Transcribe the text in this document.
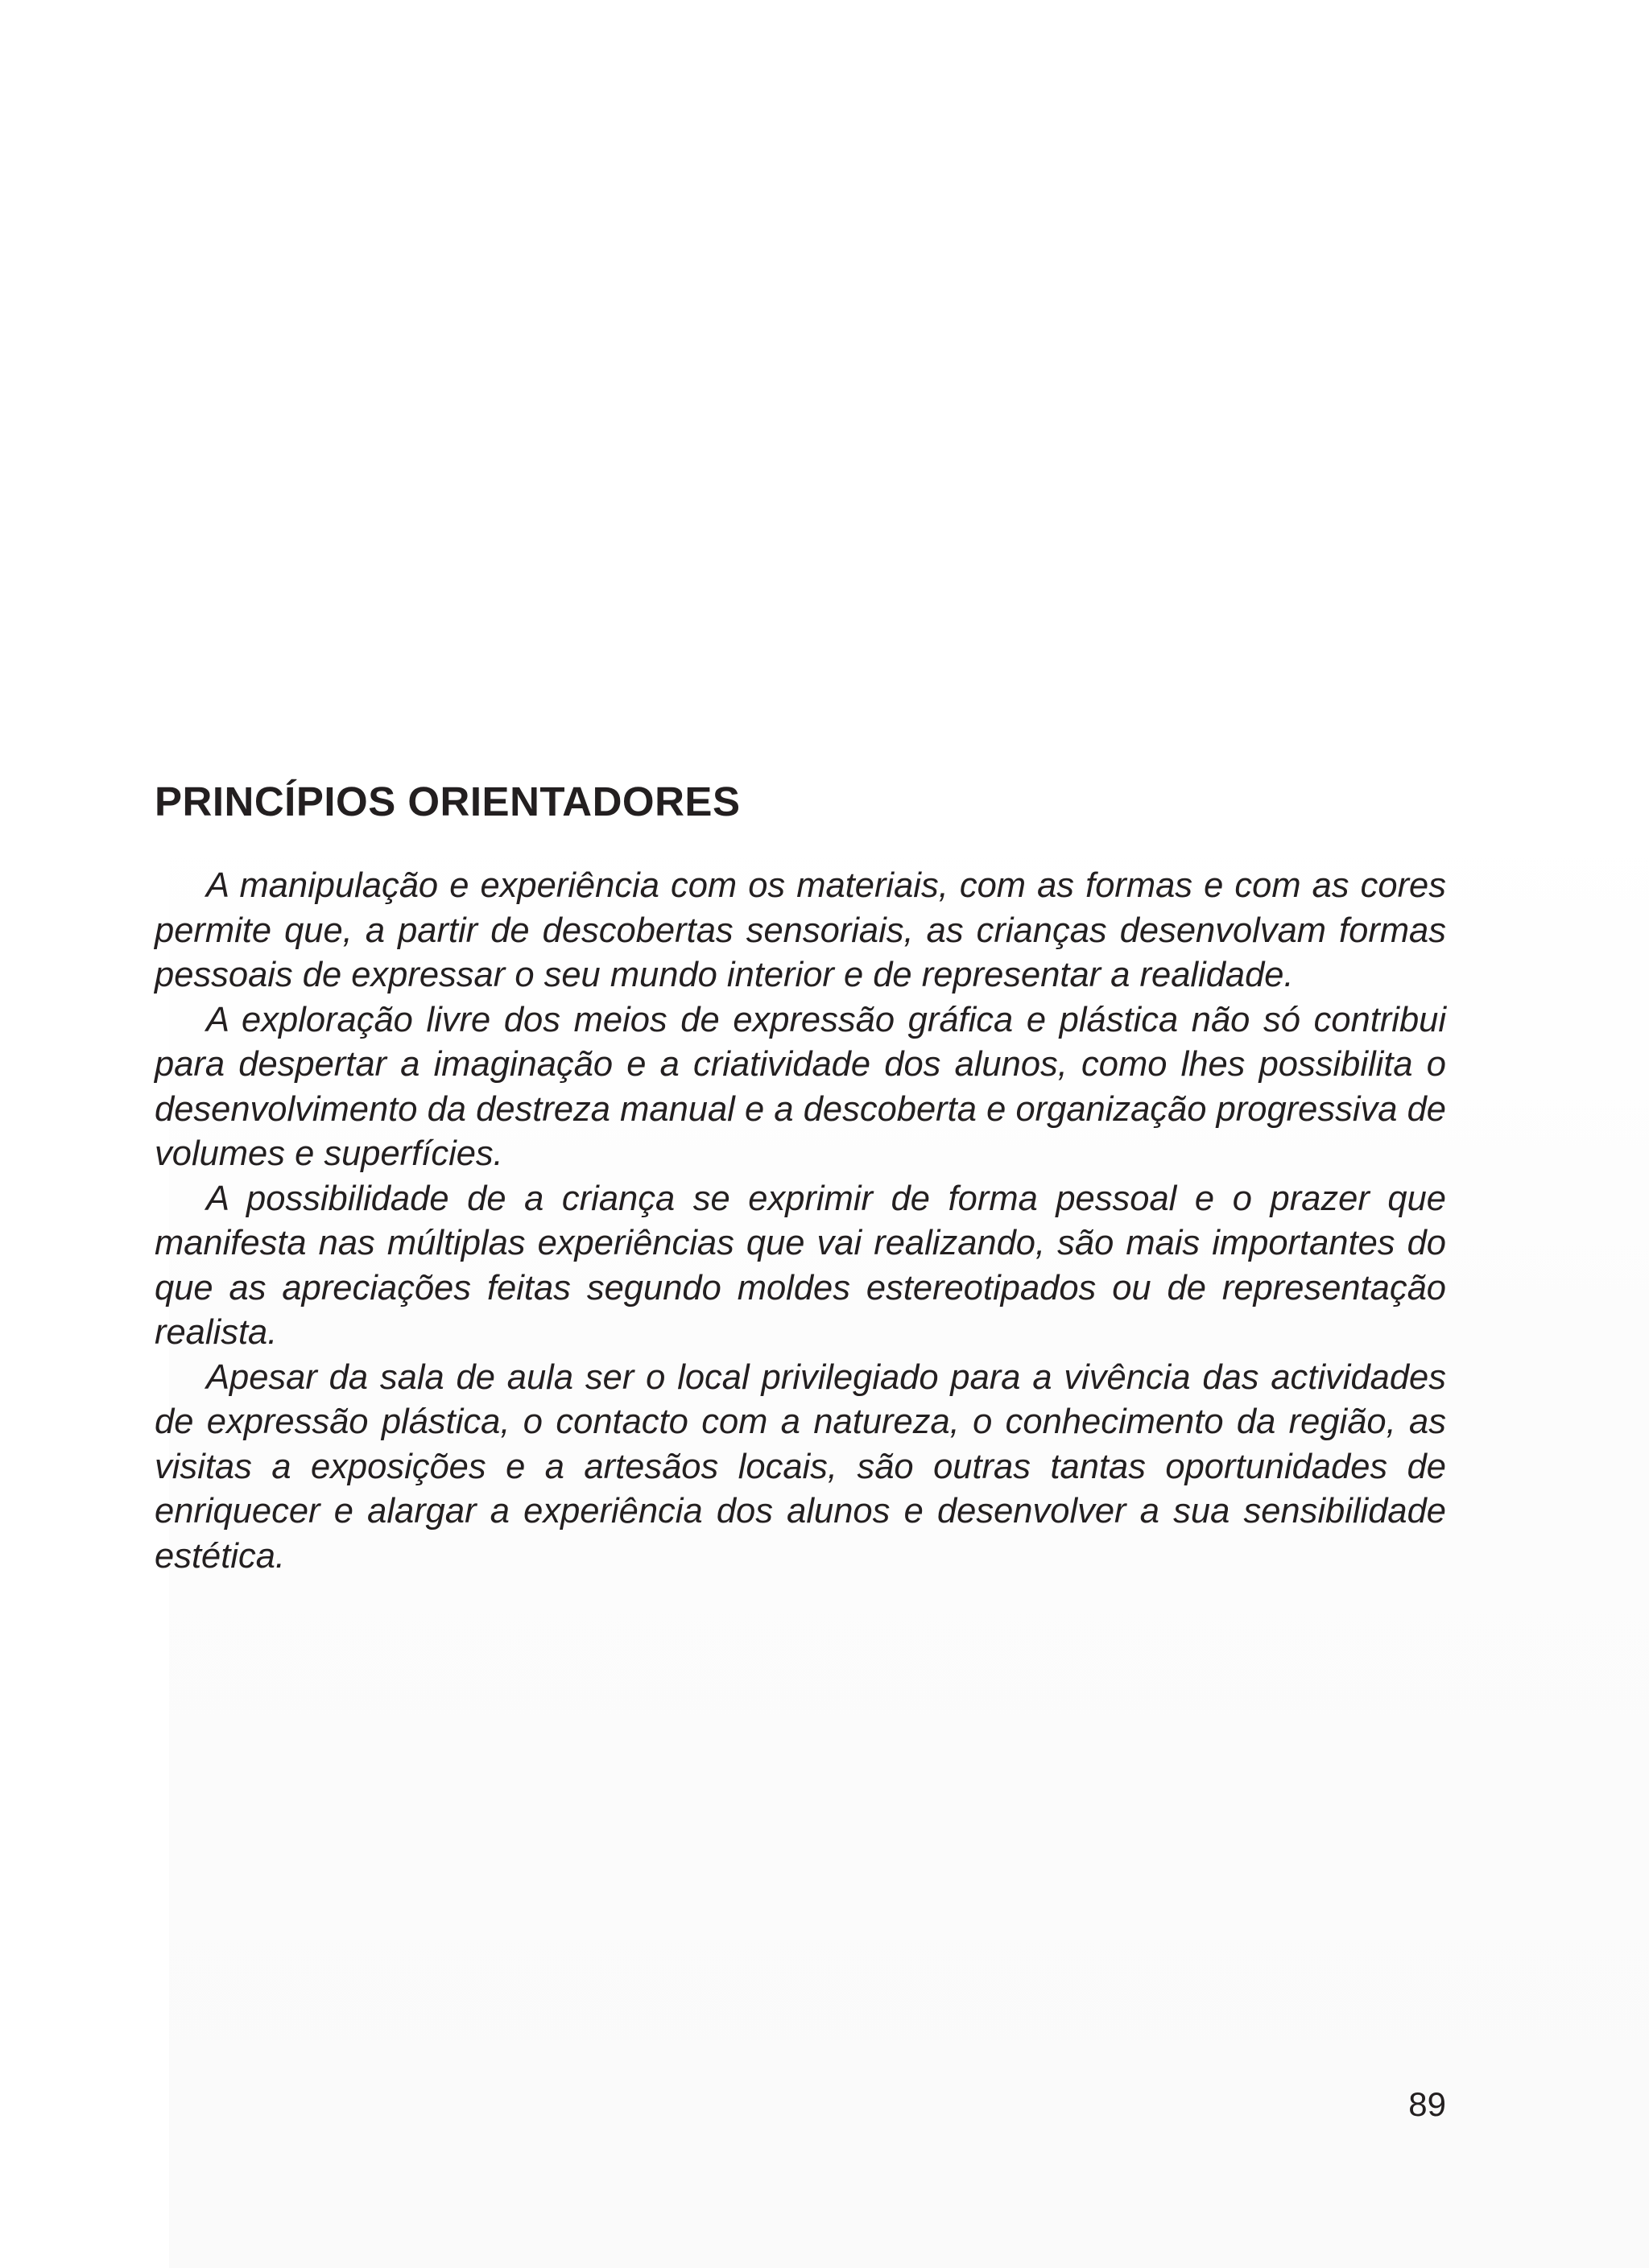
PRINCÍPIOS ORIENTADORES

A manipulação e experiência com os materiais, com as formas e com as cores permite que, a partir de descobertas sensoriais, as crianças desenvolvam formas pessoais de expressar o seu mundo interior e de representar a realidade.

A exploração livre dos meios de expressão gráfica e plástica não só contribui para despertar a imaginação e a criatividade dos alunos, como lhes possibilita o desenvolvimento da destreza manual e a descoberta e organização progressiva de volumes e superfícies.

A possibilidade de a criança se exprimir de forma pessoal e o prazer que manifesta nas múltiplas experiências que vai realizando, são mais importantes do que as apreciações feitas segundo moldes estereotipados ou de representação realista.

Apesar da sala de aula ser o local privilegiado para a vivência das actividades de expressão plástica, o contacto com a natureza, o conhecimento da região, as visitas a exposições e a artesãos locais, são outras tantas oportunidades de enriquecer e alargar a experiência dos alunos e desenvolver a sua sensibilidade estética.

89
